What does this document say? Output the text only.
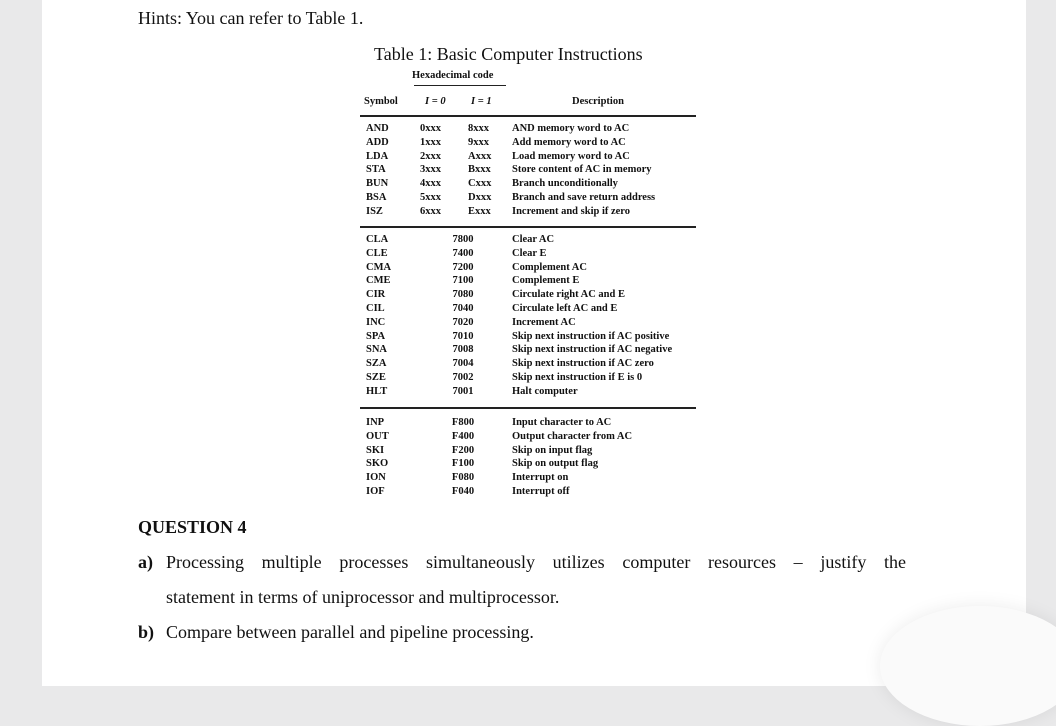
Hints: You can refer to Table 1.
Table 1: Basic Computer Instructions
Hexadecimal code
Symbol	I = 0 I = 1	Description
AND
ADD
LDA
STA
BUN
BSA
ISZ
0xxx
1xxx
2xxx
3xxx
4xxx
5xxx
6xxx
8xxx
9xxx
Axxx
Bxxx
Cxxx
Dxxx
Exxx
AND memory word to AC
Add memory word to AC
Load memory word to AC
Store content of AC in memory
Branch unconditionally
Branch and save return address
Increment and skip if zero
CLA
CLE
CMA
CME
CIR
CIL
INC
SPA
SNA
SZA
SZE
HLT
7800
7400
7200
7100
7080
7040
7020
7010
7008
7004
7002
7001
Clear AC
Clear E
Complement AC
Complement E
Circulate right AC and E
Circulate left AC and E
Increment AC
Skip next instruction if AC positive
Skip next instruction if AC negative
Skip next instruction if AC zero
Skip next instruction if E is 0
Halt computer
INP
OUT
SKI
SKO
ION
IOF
F800
F400
F200
F100
F080
F040
Input character to AC
Output character from AC
Skip on input flag
Skip on output flag
Interrupt on
Interrupt off
QUESTION 4
a) Processing multiple processes simultaneously utilizes computer resources – justify the
statement in terms of uniprocessor and multiprocessor.
b) Compare between parallel and pipeline processing.
